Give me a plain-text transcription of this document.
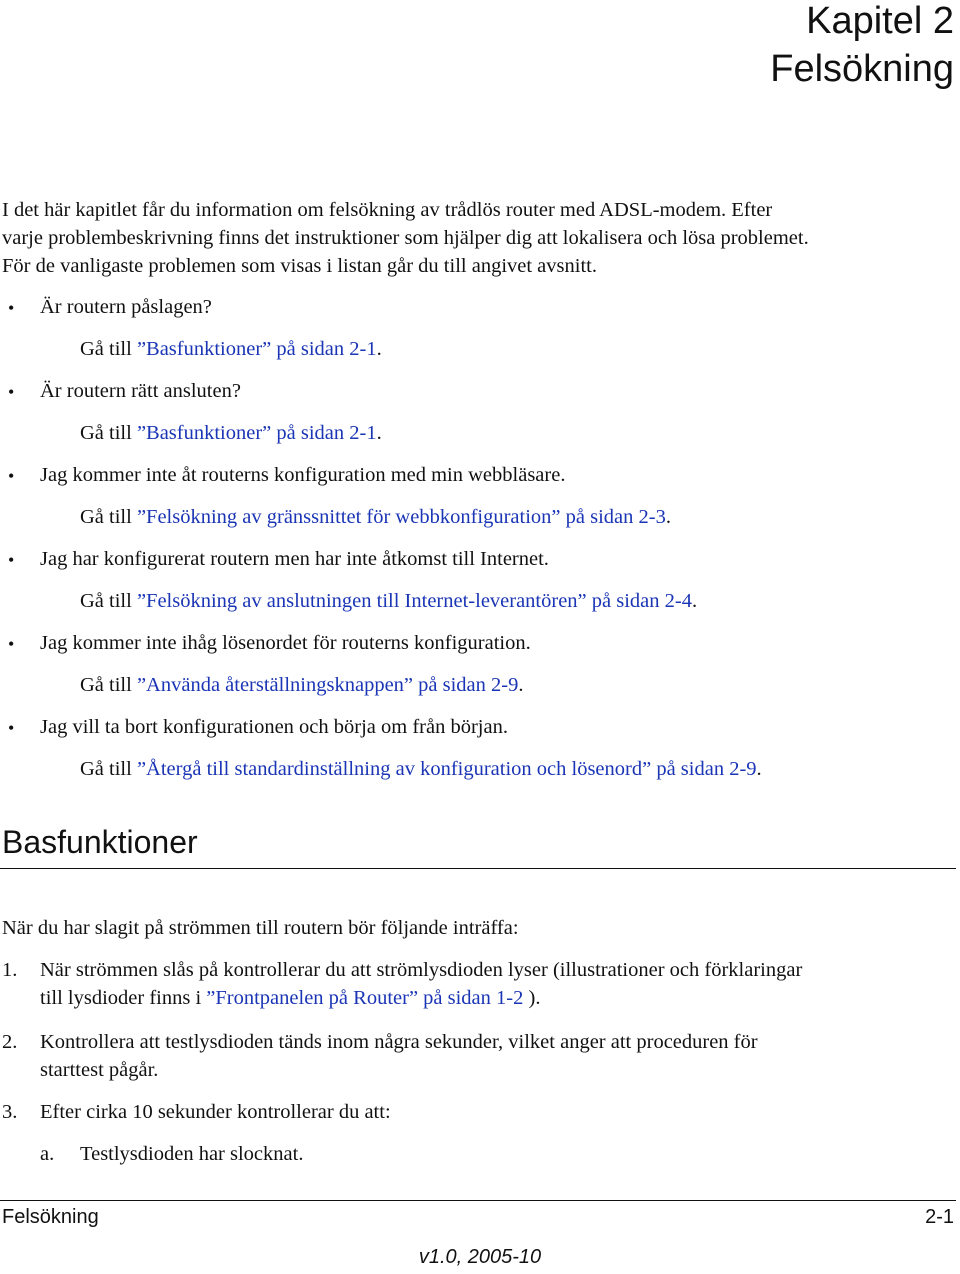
Kapitel 2
Felsökning
I det här kapitlet får du information om felsökning av trådlös router med ADSL-modem. Efter
varje problembeskrivning finns det instruktioner som hjälper dig att lokalisera och lösa problemet.
För de vanligaste problemen som visas i listan går du till angivet avsnitt.
• Är routern påslagen?
Gå till ”Basfunktioner” på sidan 2-1.
• Är routern rätt ansluten?
Gå till ”Basfunktioner” på sidan 2-1.
• Jag kommer inte åt routerns konfiguration med min webbläsare.
Gå till ”Felsökning av gränssnittet för webbkonfiguration” på sidan 2-3.
• Jag har konfigurerat routern men har inte åtkomst till Internet.
Gå till ”Felsökning av anslutningen till Internet-leverantören” på sidan 2-4.
• Jag kommer inte ihåg lösenordet för routerns konfiguration.
Gå till ”Använda återställningsknappen” på sidan 2-9.
• Jag vill ta bort konfigurationen och börja om från början.
Gå till ”Återgå till standardinställning av konfiguration och lösenord” på sidan 2-9.
Basfunktioner
När du har slagit på strömmen till routern bör följande inträffa:
1. När strömmen slås på kontrollerar du att strömlysdioden lyser (illustrationer och förklaringar
till lysdioder finns i ”Frontpanelen på Router” på sidan 1-2 ).
2. Kontrollera att testlysdioden tänds inom några sekunder, vilket anger att proceduren för
starttest pågår.
3. Efter cirka 10 sekunder kontrollerar du att:
a. Testlysdioden har slocknat.
Felsökning	2-1
v1.0, 2005-10
